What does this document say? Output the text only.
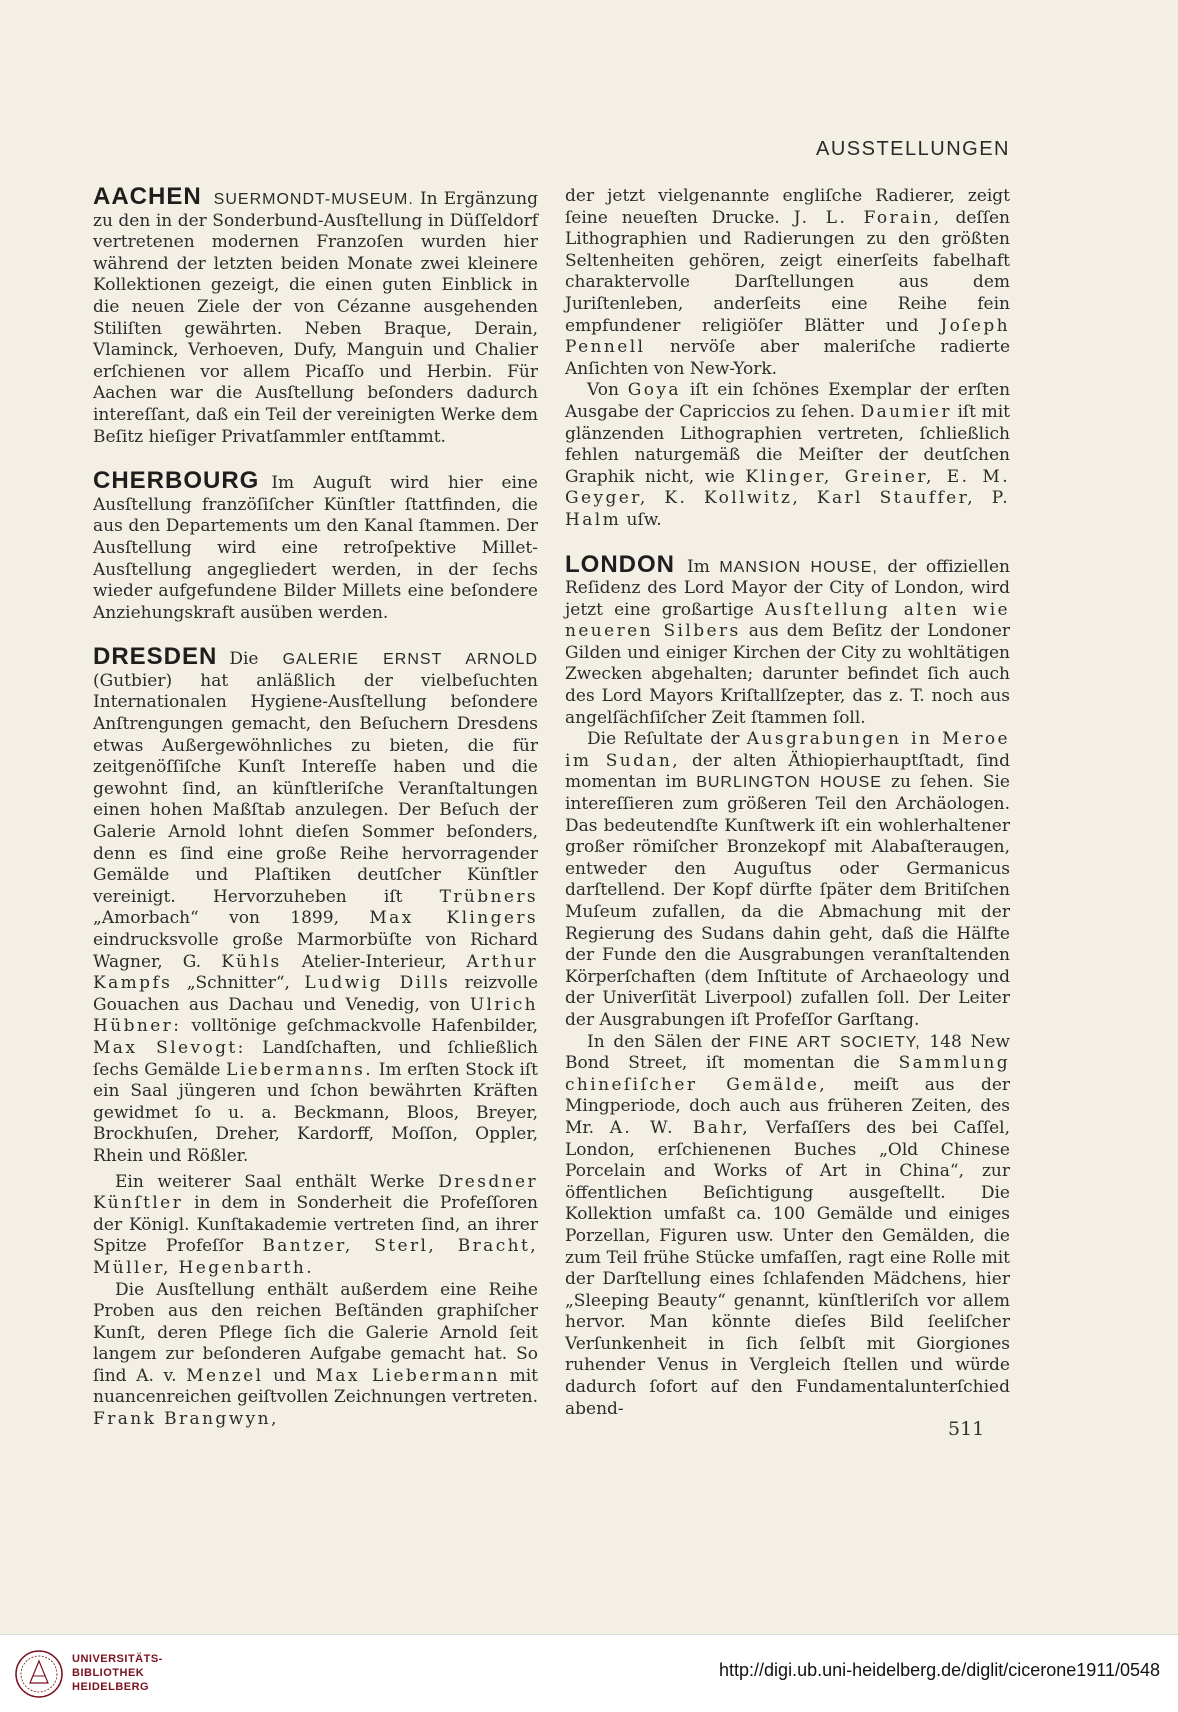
AUSSTELLUNGEN

AACHEN SUERMONDT-MUSEUM. In Ergänzung zu den in der Sonderbund-Ausſtellung in Düſſeldorf vertretenen modernen Franzoſen wurden hier während der letzten beiden Monate zwei kleinere Kollektionen gezeigt, die einen guten Einblick in die neuen Ziele der von Cézanne ausgehenden Stiliſten gewährten. Neben Braque, Derain, Vlaminck, Verhoeven, Dufy, Manguin und Chalier erſchienen vor allem Picaſſo und Herbin. Für Aachen war die Ausſtellung beſonders dadurch intereſſant, daß ein Teil der vereinigten Werke dem Beſitz hieſiger Privatſammler entſtammt.

CHERBOURG Im Auguſt wird hier eine Ausſtellung franzöſiſcher Künſtler ſtattfinden, die aus den Departements um den Kanal ſtammen. Der Ausſtellung wird eine retroſpektive Millet-Ausſtellung angegliedert werden, in der ſechs wieder aufgefundene Bilder Millets eine beſondere Anziehungskraft ausüben werden.

DRESDEN Die GALERIE ERNST ARNOLD (Gutbier) hat anläßlich der vielbeſuchten Internationalen Hygiene-Ausſtellung beſondere Anſtrengungen gemacht, den Beſuchern Dresdens etwas Außergewöhnliches zu bieten, die für zeitgenöſſiſche Kunſt Intereſſe haben und die gewohnt ſind, an künſtleriſche Veranſtaltungen einen hohen Maßſtab anzulegen. Der Beſuch der Galerie Arnold lohnt dieſen Sommer beſonders, denn es ſind eine große Reihe hervorragender Gemälde und Plaſtiken deutſcher Künſtler vereinigt. Hervorzuheben iſt Trübners „Amorbach“ von 1899, Max Klingers eindrucksvolle große Marmorbüſte von Richard Wagner, G. Kühls Atelier-Interieur, Arthur Kampfs „Schnitter“, Ludwig Dills reizvolle Gouachen aus Dachau und Venedig, von Ulrich Hübner: volltönige geſchmackvolle Hafenbilder, Max Slevogt: Landſchaften, und ſchließlich ſechs Gemälde Liebermanns. Im erſten Stock iſt ein Saal jüngeren und ſchon bewährten Kräften gewidmet ſo u. a. Beckmann, Bloos, Breyer, Brockhuſen, Dreher, Kardorff, Moſſon, Oppler, Rhein und Rößler.

Ein weiterer Saal enthält Werke Dresdner Künſtler in dem in Sonderheit die Profeſſoren der Königl. Kunſtakademie vertreten ſind, an ihrer Spitze Profeſſor Bantzer, Sterl, Bracht, Müller, Hegenbarth.

Die Ausſtellung enthält außerdem eine Reihe Proben aus den reichen Beſtänden graphiſcher Kunſt, deren Pflege ſich die Galerie Arnold ſeit langem zur beſonderen Aufgabe gemacht hat. So ſind A. v. Menzel und Max Liebermann mit nuancenreichen geiſtvollen Zeichnungen vertreten. Frank Brangwyn,

der jetzt vielgenannte engliſche Radierer, zeigt ſeine neueſten Drucke. J. L. Forain, deſſen Lithographien und Radierungen zu den größten Seltenheiten gehören, zeigt einerſeits fabelhaft charaktervolle Darſtellungen aus dem Juriſtenleben, anderſeits eine Reihe fein empfundener religiöſer Blätter und Joſeph Pennell nervöſe aber maleriſche radierte Anſichten von New-York.

Von Goya iſt ein ſchönes Exemplar der erſten Ausgabe der Capriccios zu ſehen. Daumier iſt mit glänzenden Lithographien vertreten, ſchließlich fehlen naturgemäß die Meiſter der deutſchen Graphik nicht, wie Klinger, Greiner, E. M. Geyger, K. Kollwitz, Karl Stauffer, P. Halm uſw.

LONDON Im MANSION HOUSE, der offiziellen Reſidenz des Lord Mayor der City of London, wird jetzt eine großartige Ausſtellung alten wie neueren Silbers aus dem Beſitz der Londoner Gilden und einiger Kirchen der City zu wohltätigen Zwecken abgehalten; darunter befindet ſich auch des Lord Mayors Kriſtallſzepter, das z. T. noch aus angelſächſiſcher Zeit ſtammen ſoll.

Die Reſultate der Ausgrabungen in Meroe im Sudan, der alten Äthiopierhauptſtadt, ſind momentan im BURLINGTON HOUSE zu ſehen. Sie intereſſieren zum größeren Teil den Archäologen. Das bedeutendſte Kunſtwerk iſt ein wohlerhaltener großer römiſcher Bronzekopf mit Alabaſteraugen, entweder den Auguſtus oder Germanicus darſtellend. Der Kopf dürfte ſpäter dem Britiſchen Muſeum zufallen, da die Abmachung mit der Regierung des Sudans dahin geht, daß die Hälfte der Funde den die Ausgrabungen veranſtaltenden Körperſchaften (dem Inſtitute of Archaeology und der Univerſität Liverpool) zufallen ſoll. Der Leiter der Ausgrabungen iſt Profeſſor Garſtang.

In den Sälen der FINE ART SOCIETY, 148 New Bond Street, iſt momentan die Sammlung chineſiſcher Gemälde, meiſt aus der Mingperiode, doch auch aus früheren Zeiten, des Mr. A. W. Bahr, Verfaſſers des bei Caſſel, London, erſchienenen Buches „Old Chinese Porcelain and Works of Art in China“, zur öffentlichen Beſichtigung ausgeſtellt. Die Kollektion umfaßt ca. 100 Gemälde und einiges Porzellan, Figuren usw. Unter den Gemälden, die zum Teil frühe Stücke umfaſſen, ragt eine Rolle mit der Darſtellung eines ſchlafenden Mädchens, hier „Sleeping Beauty“ genannt, künſtleriſch vor allem hervor. Man könnte dieſes Bild ſeeliſcher Verſunkenheit in ſich ſelbſt mit Giorgiones ruhender Venus in Vergleich ſtellen und würde dadurch ſofort auf den Fundamentalunterſchied abend-

511
UNIVERSITÄTS-
BIBLIOTHEK
HEIDELBERG
http://digi.ub.uni-heidelberg.de/diglit/cicerone1911/0548
